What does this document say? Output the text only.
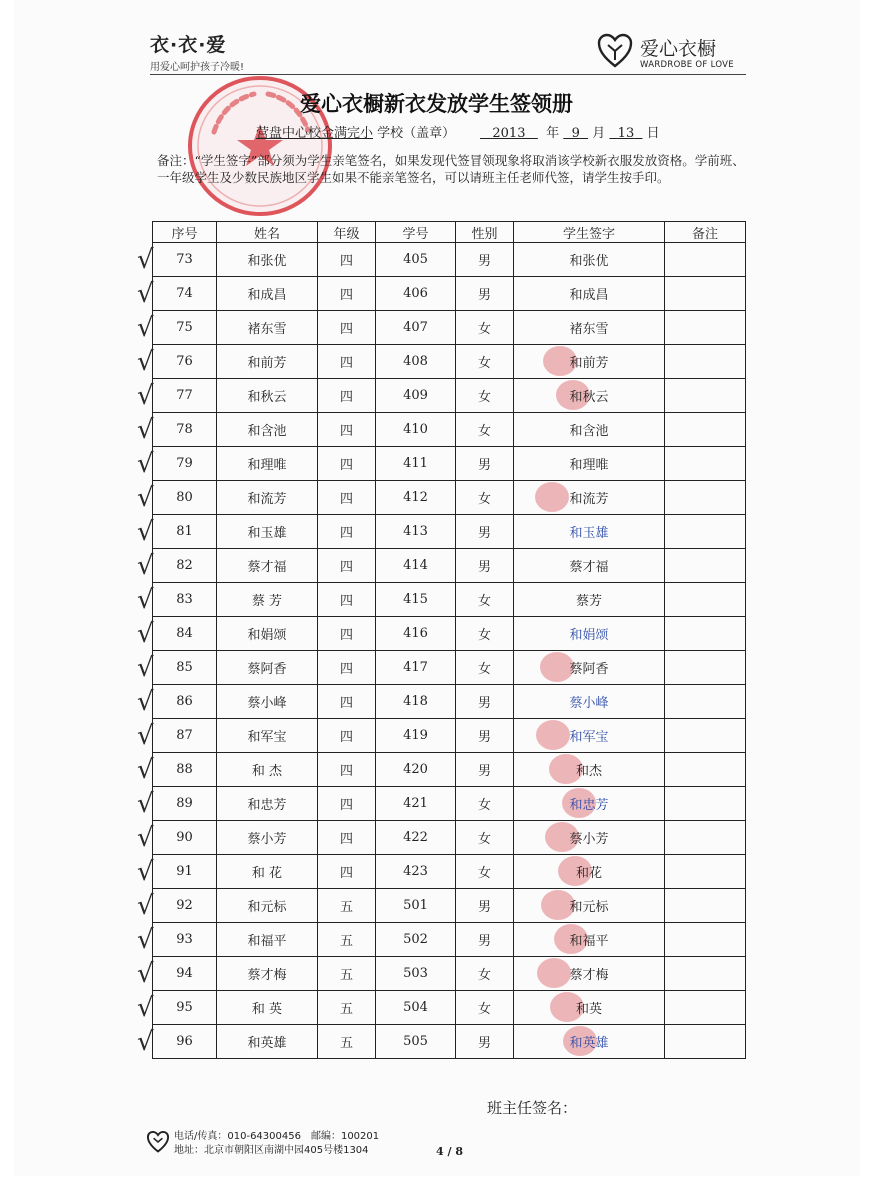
衣·衣·爱
用爱心呵护孩子冷暖!
爱心衣橱
WARDROBE OF LOVE
爱心衣橱新衣发放学生签领册
营盘中心校金满完小 学校（盖章）	2013 年 9 月 13 日
备注：“学生签字”部分须为学生亲笔签名，如果发现代签冒领现象将取消该学校新衣服发放资格。学前班、一年级学生及少数民族地区学生如果不能亲笔签名，可以请班主任老师代签，请学生按手印。
序号	姓名	年级	学号	性别	学生签字	备注

√ 73	和张优	四	405	男	和张优	

√ 74	和成昌	四	406	男	和成昌	

√ 75	褚东雪	四	407	女	褚东雪	

√ 76	和前芳	四	408	女	和前芳	

√ 77	和秋云	四	409	女	和秋云	

√ 78	和含池	四	410	女	和含池	

√ 79	和理唯	四	411	男	和理唯	

√ 80	和流芳	四	412	女	和流芳	

√ 81	和玉雄	四	413	男	和玉雄	

√ 82	蔡才福	四	414	男	蔡才福	

√ 83	蔡 芳	四	415	女	蔡芳	

√ 84	和娟颂	四	416	女	和娟颂	

√ 85	蔡阿香	四	417	女	蔡阿香	

√ 86	蔡小峰	四	418	男	蔡小峰	

√ 87	和军宝	四	419	男	和军宝	

√ 88	和 杰	四	420	男	和杰	

√ 89	和忠芳	四	421	女	和忠芳	

√ 90	蔡小芳	四	422	女	蔡小芳	

√ 91	和 花	四	423	女	和花	

√ 92	和元标	五	501	男	和元标	

√ 93	和福平	五	502	男	和福平	

√ 94	蔡才梅	五	503	女	蔡才梅	

√ 95	和 英	五	504	女	和英	

√ 96	和英雄	五	505	男	和英雄	
班主任签名：
电话/传真：010-64300456　邮编：100201
地址：北京市朝阳区南湖中园405号楼1304	4 / 8
